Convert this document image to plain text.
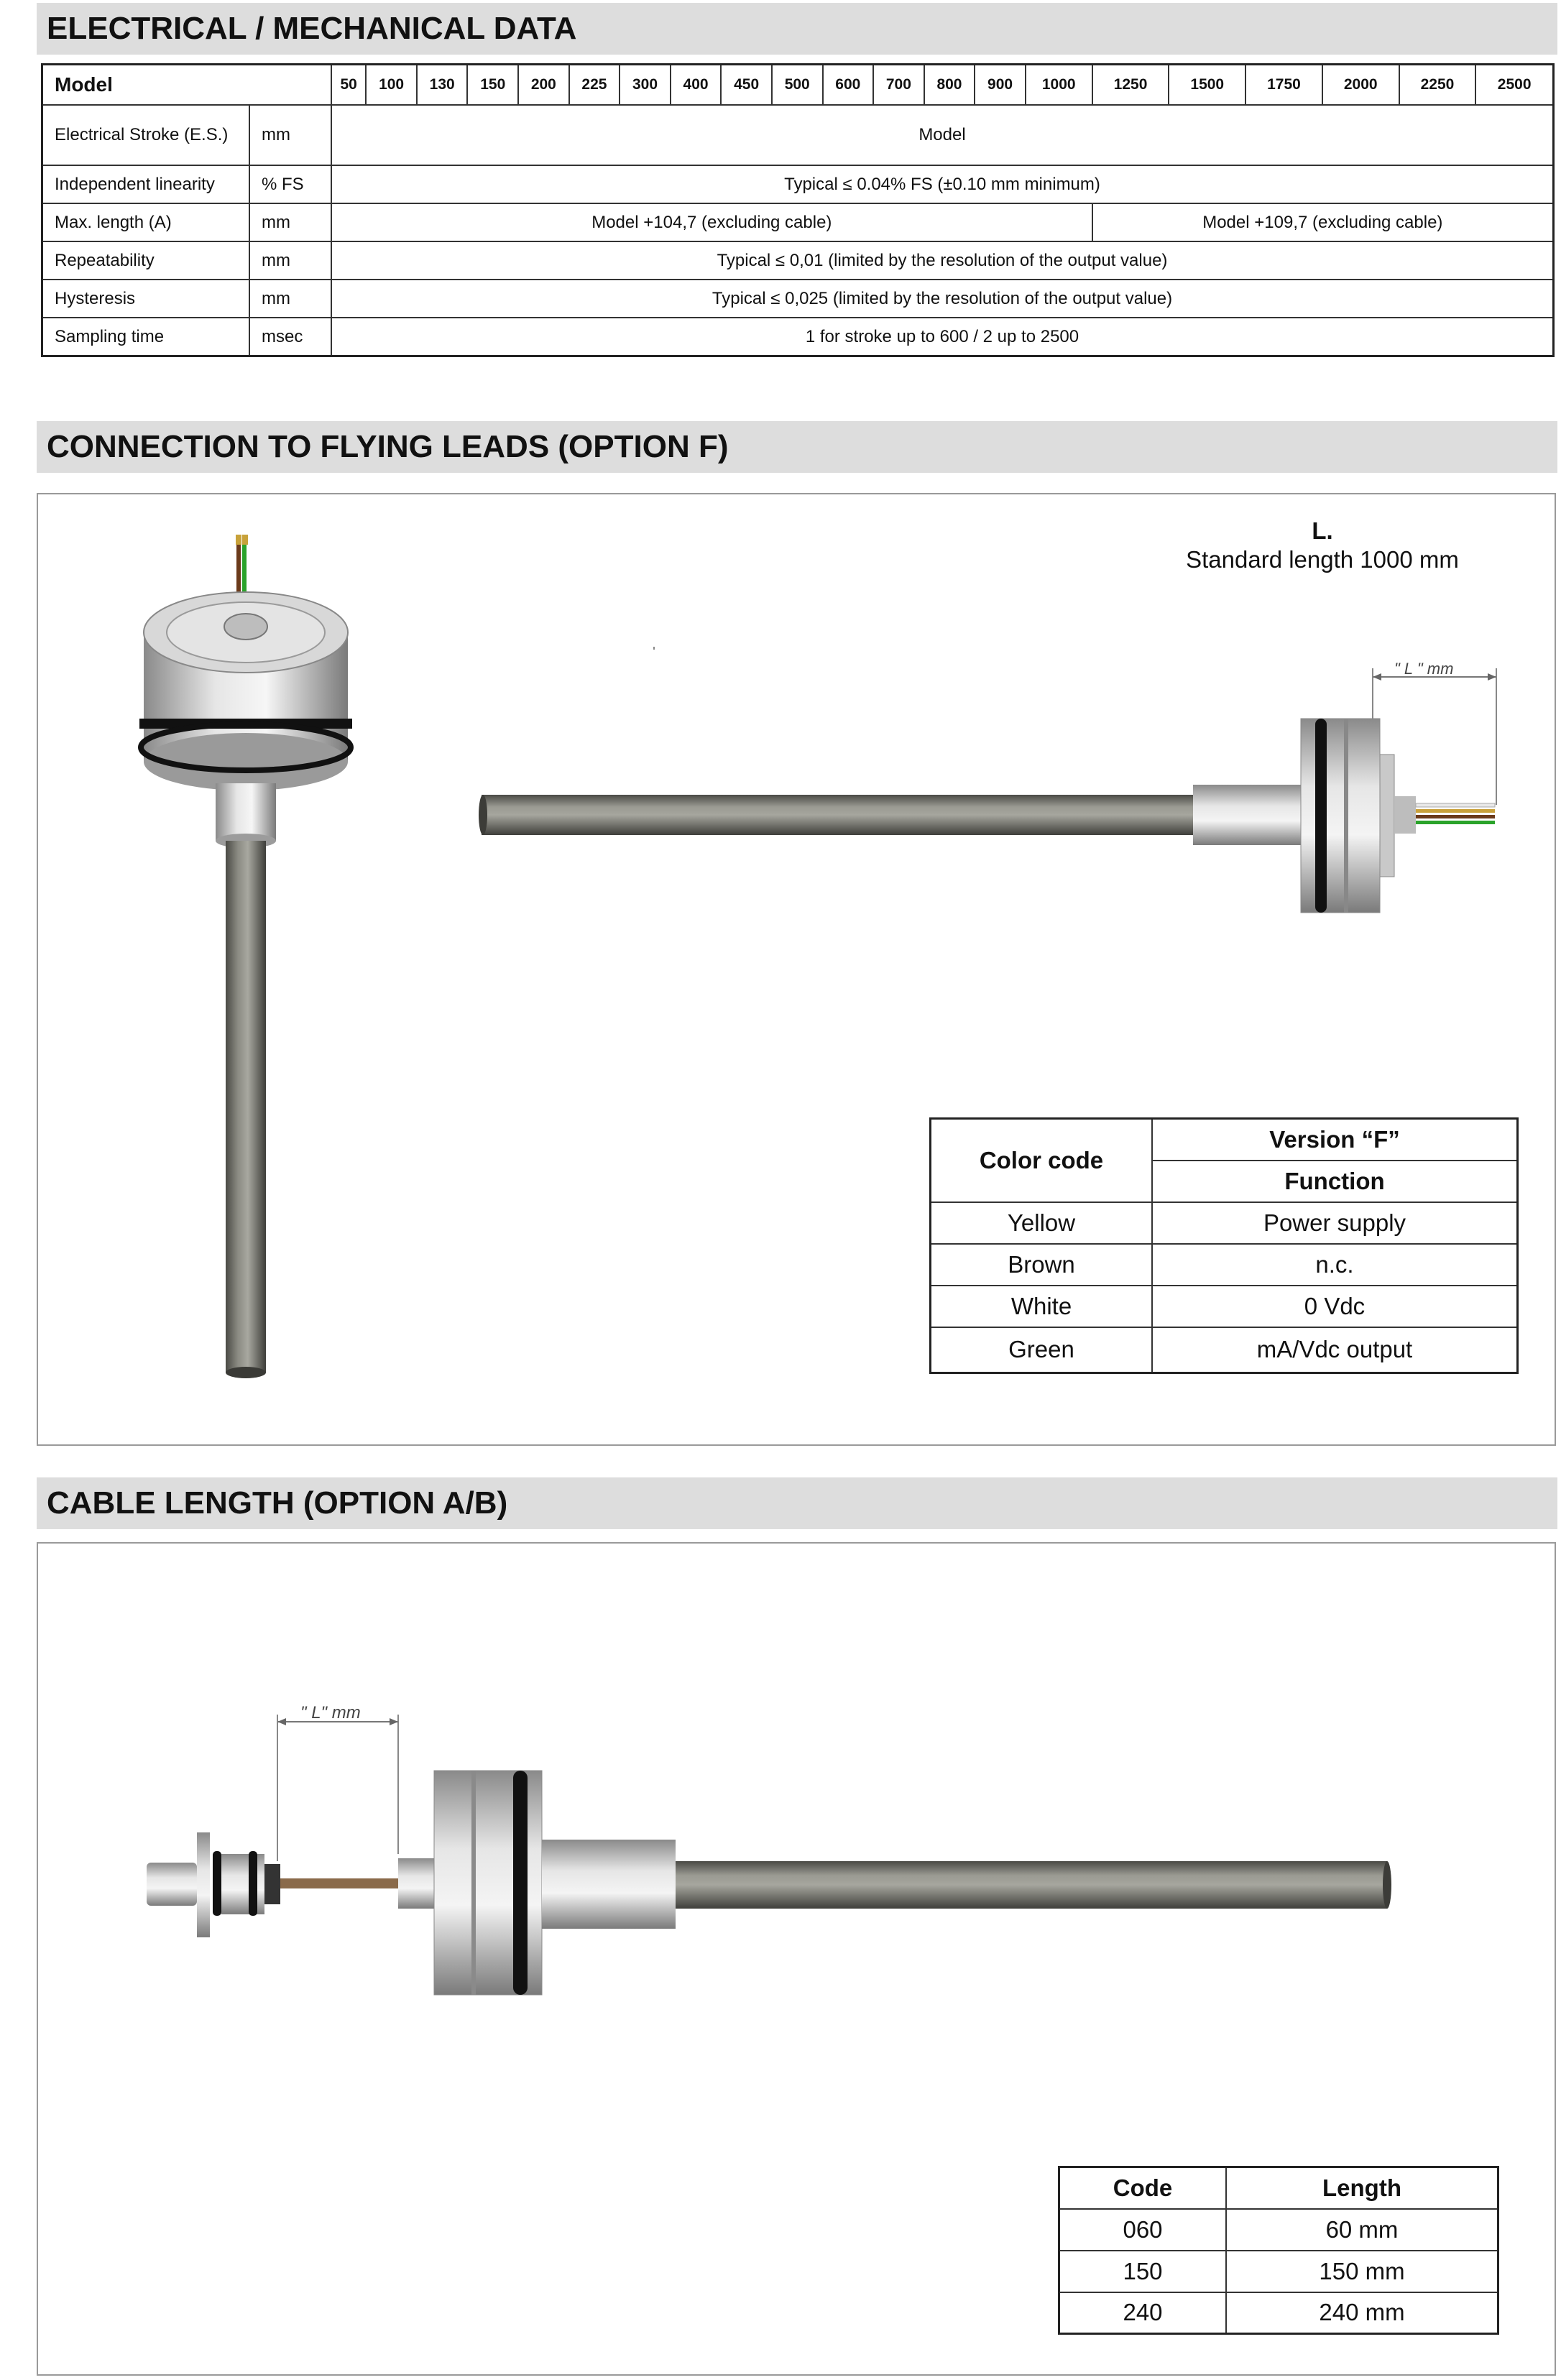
ELECTRICAL / MECHANICAL DATA
Model		50	100	130	150	200	225	300	400	450	500	600	700	800	900	1000	1250	1500	1750	2000	2250	2500
Electrical Stroke (E.S.)	mm	Model																				
Independent linearity	% FS	Typical ≤ 0.04% FS (±0.10 mm minimum)																				
Max. length (A)	mm	Model +104,7 (excluding cable)															Model +109,7 (excluding cable)					
Repeatability	mm	Typical ≤ 0,01 (limited by the resolution of the output value)																				
Hysteresis	mm	Typical ≤ 0,025 (limited by the resolution of the output value)																				
Sampling time	msec	1 for stroke up to 600 / 2 up to 2500																				
CONNECTION TO FLYING LEADS (OPTION F)
" L " mm
L.
Standard length 1000 mm
Color code	Version “F”
	Function
Yellow	Power supply
Brown	n.c.
White	0 Vdc
Green	mA/Vdc output
CABLE LENGTH (OPTION A/B)
" L" mm
Code	Length
060	60 mm
150	150 mm
240	240 mm
